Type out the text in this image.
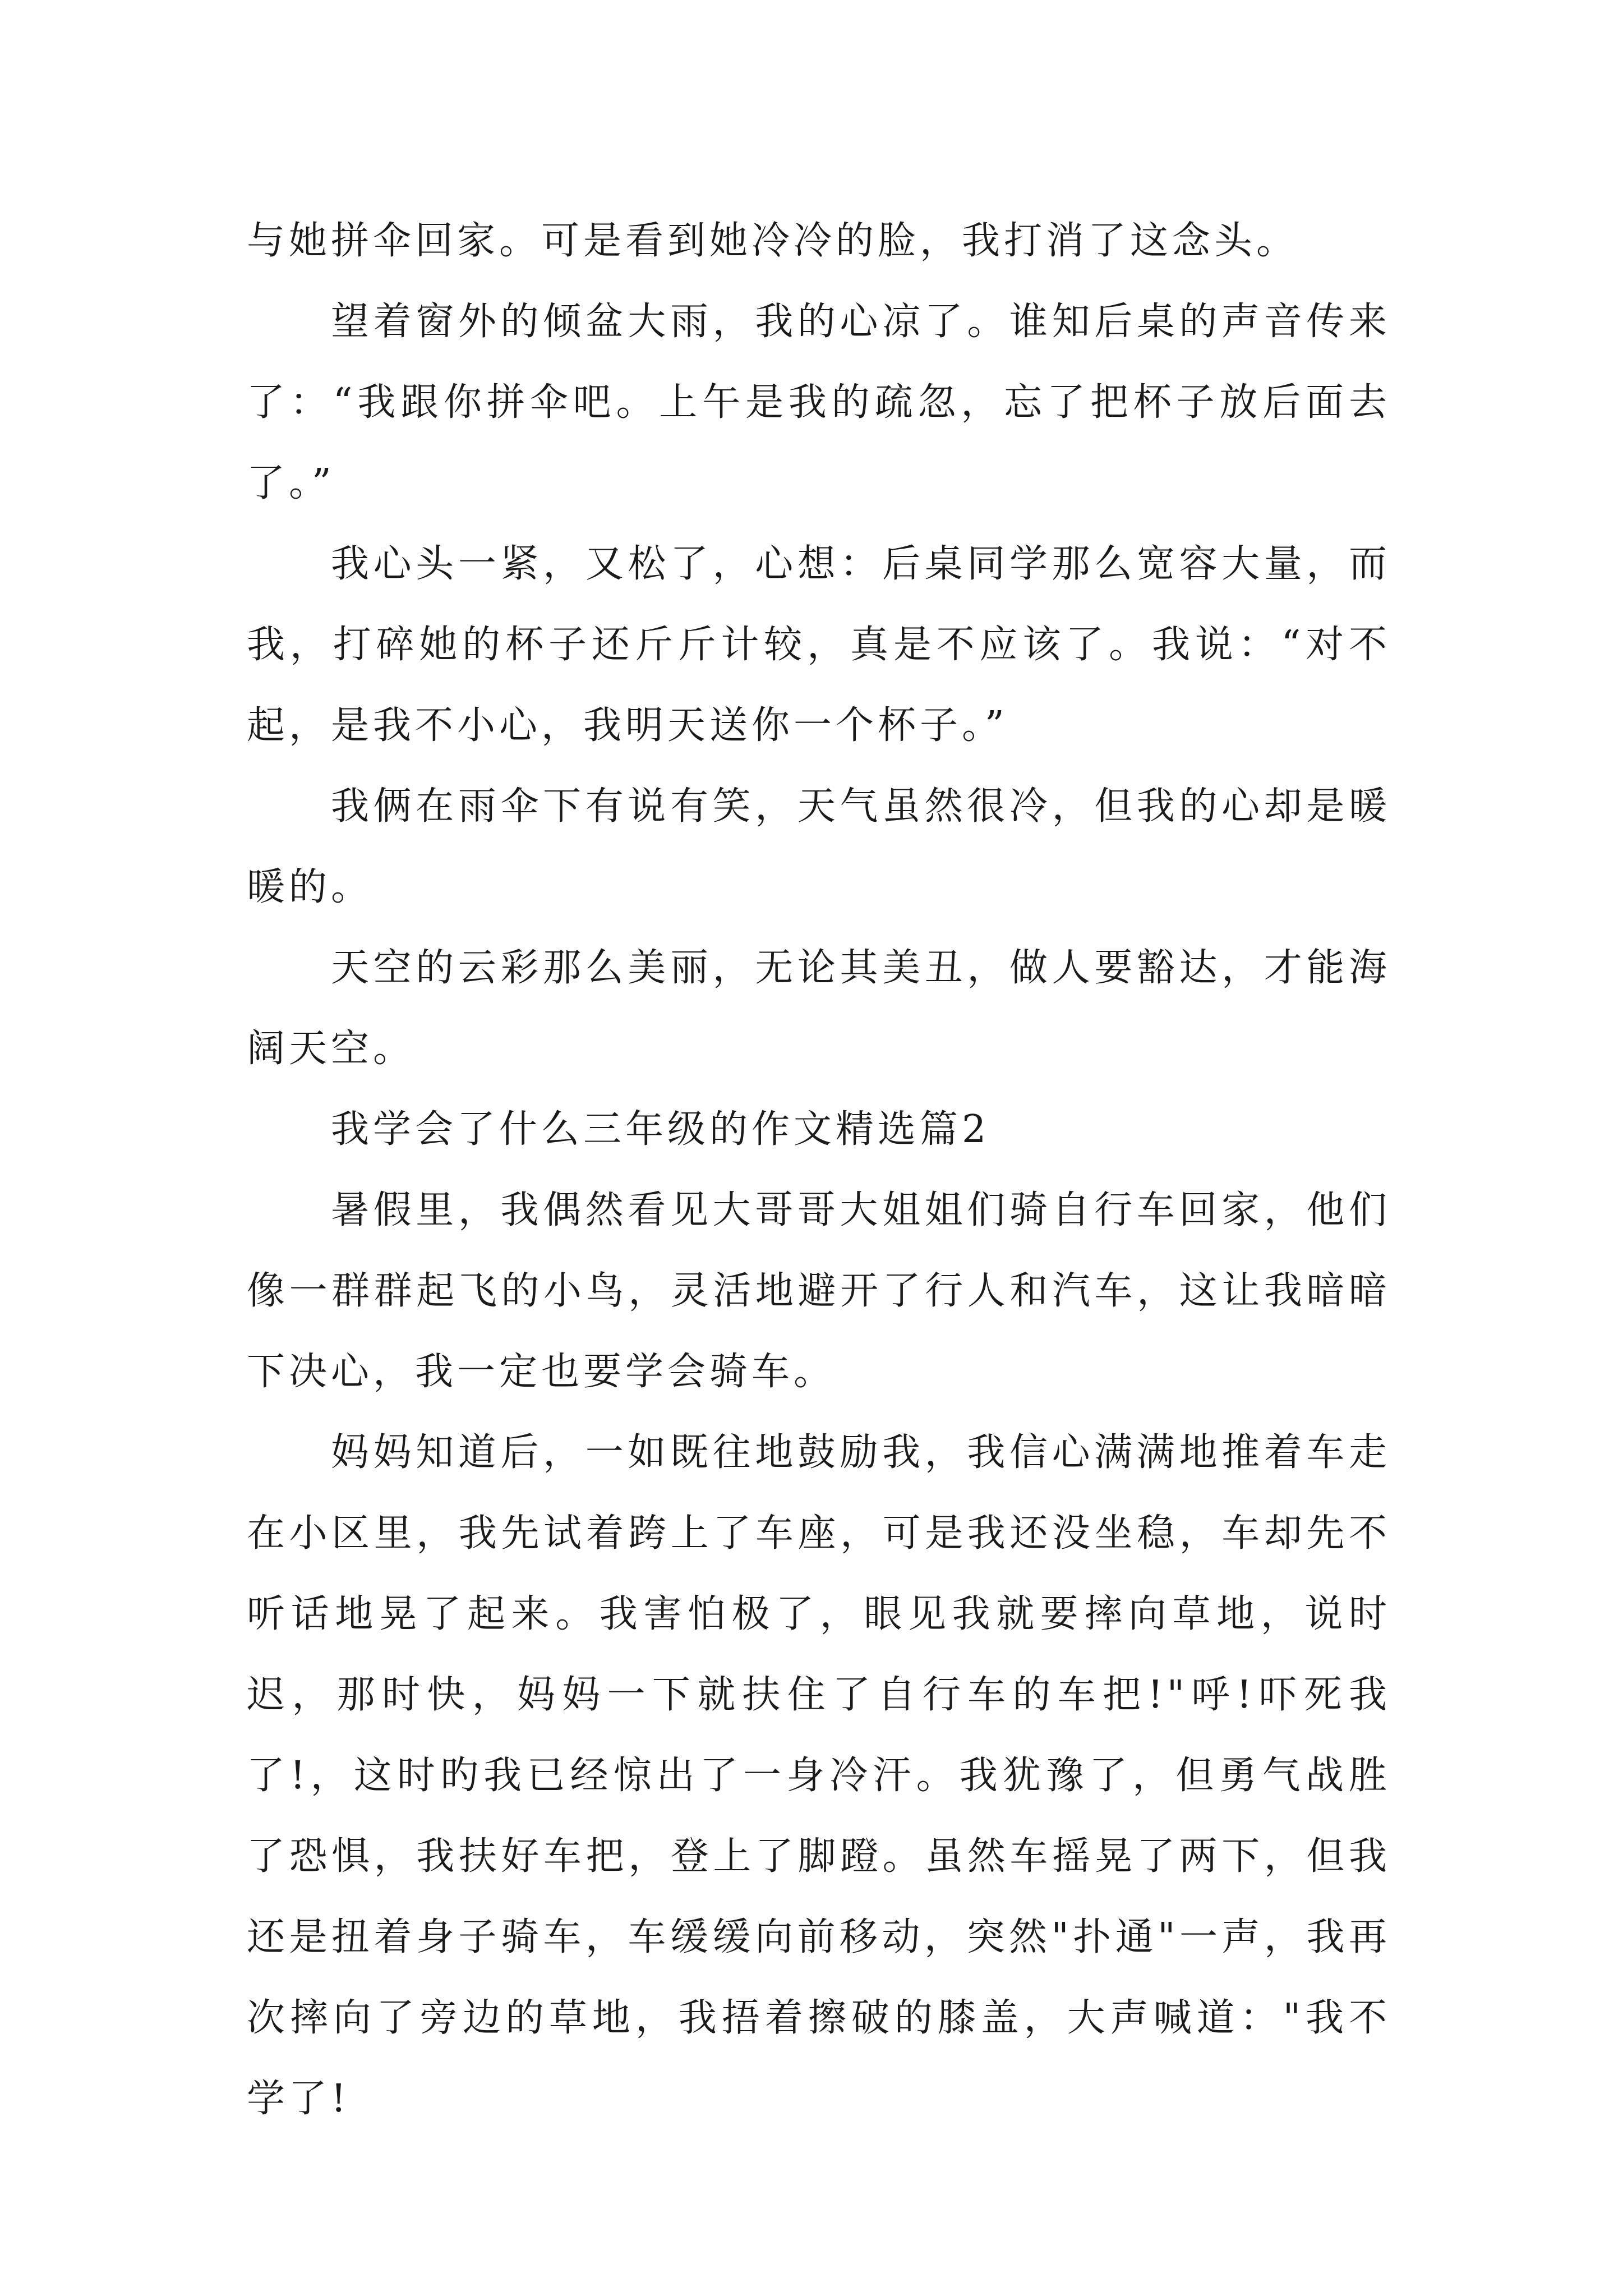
与她拼伞回家。可是看到她冷冷的脸，我打消了这念头。

望着窗外的倾盆大雨，我的心凉了。谁知后桌的声音传来了：“我跟你拼伞吧。上午是我的疏忽，忘了把杯子放后面去了。”

我心头一紧，又松了，心想：后桌同学那么宽容大量，而我，打碎她的杯子还斤斤计较，真是不应该了。我说：“对不起，是我不小心，我明天送你一个杯子。”

我俩在雨伞下有说有笑，天气虽然很冷，但我的心却是暖暖的。

天空的云彩那么美丽，无论其美丑，做人要豁达，才能海阔天空。

我学会了什么三年级的作文精选篇2

暑假里，我偶然看见大哥哥大姐姐们骑自行车回家，他们像一群群起飞的小鸟，灵活地避开了行人和汽车，这让我暗暗下决心，我一定也要学会骑车。

妈妈知道后，一如既往地鼓励我，我信心满满地推着车走在小区里，我先试着跨上了车座，可是我还没坐稳，车却先不听话地晃了起来。我害怕极了，眼见我就要摔向草地，说时迟，那时快，妈妈一下就扶住了自行车的车把!"呼!吓死我了!，这时旳我已经惊出了一身冷汗。我犹豫了，但勇气战胜了恐惧，我扶好车把，登上了脚蹬。虽然车摇晃了两下，但我还是扭着身子骑车，车缓缓向前移动，突然"扑通"一声，我再次摔向了旁边的草地，我捂着擦破的膝盖，大声喊道："我不学了!
